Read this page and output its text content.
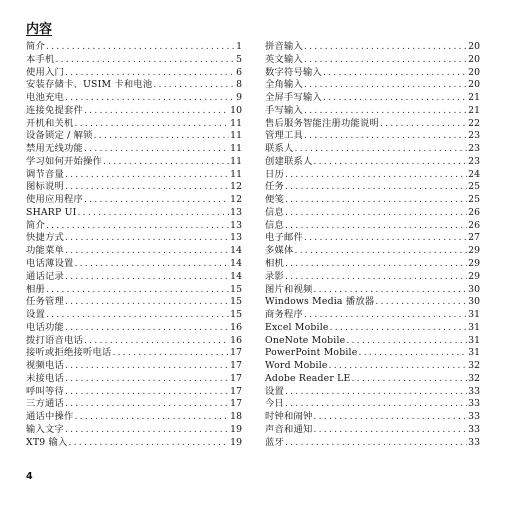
内容
简介 .....	1
本手机 .....	5
使用入门 .....	6
安装存储卡、USIM 卡和电池 .....	8
电池充电 .....	9
连接免提套件 .....	10
开机和关机 .....	11
设备锁定 / 解锁 .....	11
禁用无线功能 .....	11
学习如何开始操作 .....	11
调节音量 .....	11
图标说明 .....	12
使用应用程序 .....	12
SHARP UI .....	13
简介 .....	13
快捷方式 .....	13
功能菜单 .....	14
电话薄设置 .....	14
通话记录 .....	14
相册 .....	15
任务管理 .....	15
设置 .....	15
电话功能 .....	16
拨打语音电话 .....	16
接听或拒绝接听电话 .....	17
视频电话 .....	17
未接电话 .....	17
呼叫等待 .....	17
三方通话 .....	17
通话中操作 .....	18
输入文字 .....	19
XT9 输入 .....	19
拼音输入 .....	20
英文输入 .....	20
数字符号输入 .....	20
全角输入 .....	20
全屏手写输入 .....	21
手写输入 .....	21
售后服务智能注册功能说明 .....	22
管理工具 .....	23
联系人 .....	23
创建联系人 .....	23
日历 .....	24
任务 .....	25
便笺 .....	25
信息 .....	26
信息 .....	26
电子邮件 .....	27
多媒体 .....	29
相机 .....	29
录影 .....	29
图片和视频 .....	30
Windows Media 播放器 .....	30
商务程序 .....	31
Excel Mobile .....	31
OneNote Mobile .....	31
PowerPoint Mobile .....	31
Word Mobile .....	32
Adobe Reader LE .....	32
设置 .....	33
今日 .....	33
时钟和闹钟 .....	33
声音和通知 .....	33
蓝牙 .....	33
4
